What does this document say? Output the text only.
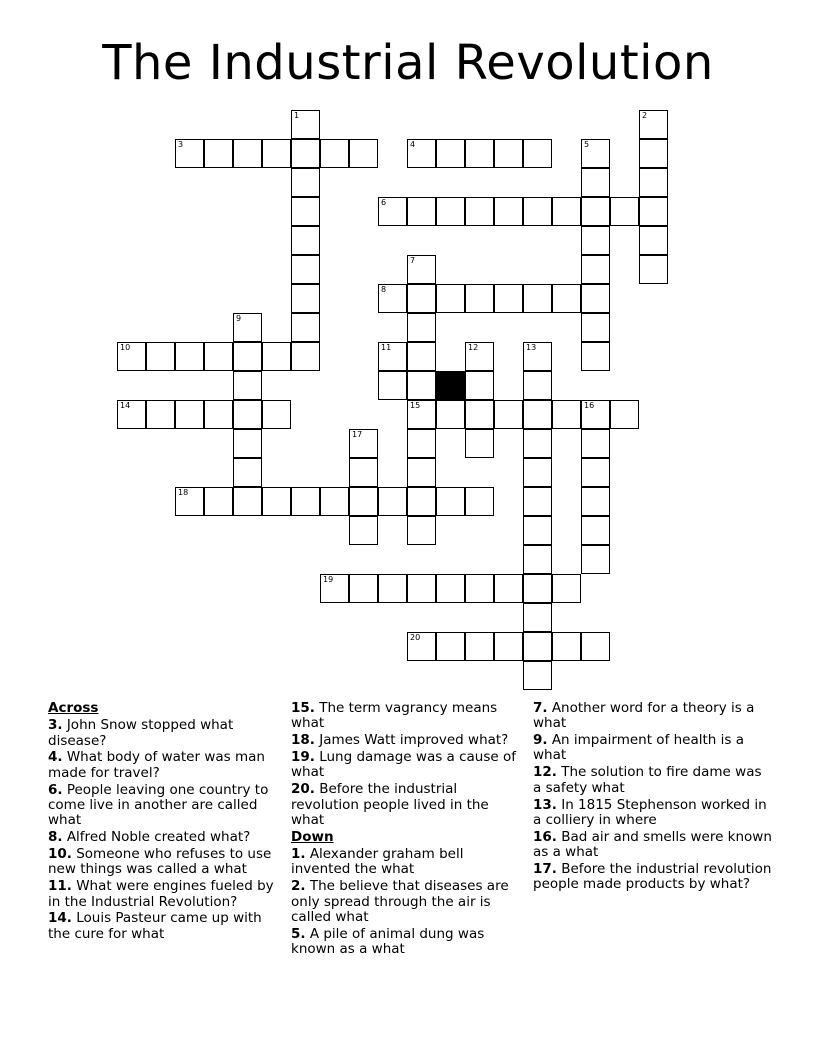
The Industrial Revolution
1	2
3	4	5
6
7
15
8
9
10	11	12	13
14	16
17
18
19
20
Across
3. John Snow stopped what disease?
4. What body of water was man made for travel?
6. People leaving one country to come live in another are called what
8. Alfred Noble created what?
10. Someone who refuses to use new things was called a what
11. What were engines fueled by in the Industrial Revolution?
14. Louis Pasteur came up with the cure for what
15. The term vagrancy means what
18. James Watt improved what?
19. Lung damage was a cause of what
20. Before the industrial revolution people lived in the what
Down
1. Alexander graham bell invented the what
2. The believe that diseases are only spread through the air is called what
5. A pile of animal dung was known as a what
7. Another word for a theory is a what
9. An impairment of health is a what
12. The solution to fire dame was a safety what
13. In 1815 Stephenson worked in a colliery in where
16. Bad air and smells were known as a what
17. Before the industrial revolution people made products by what?
